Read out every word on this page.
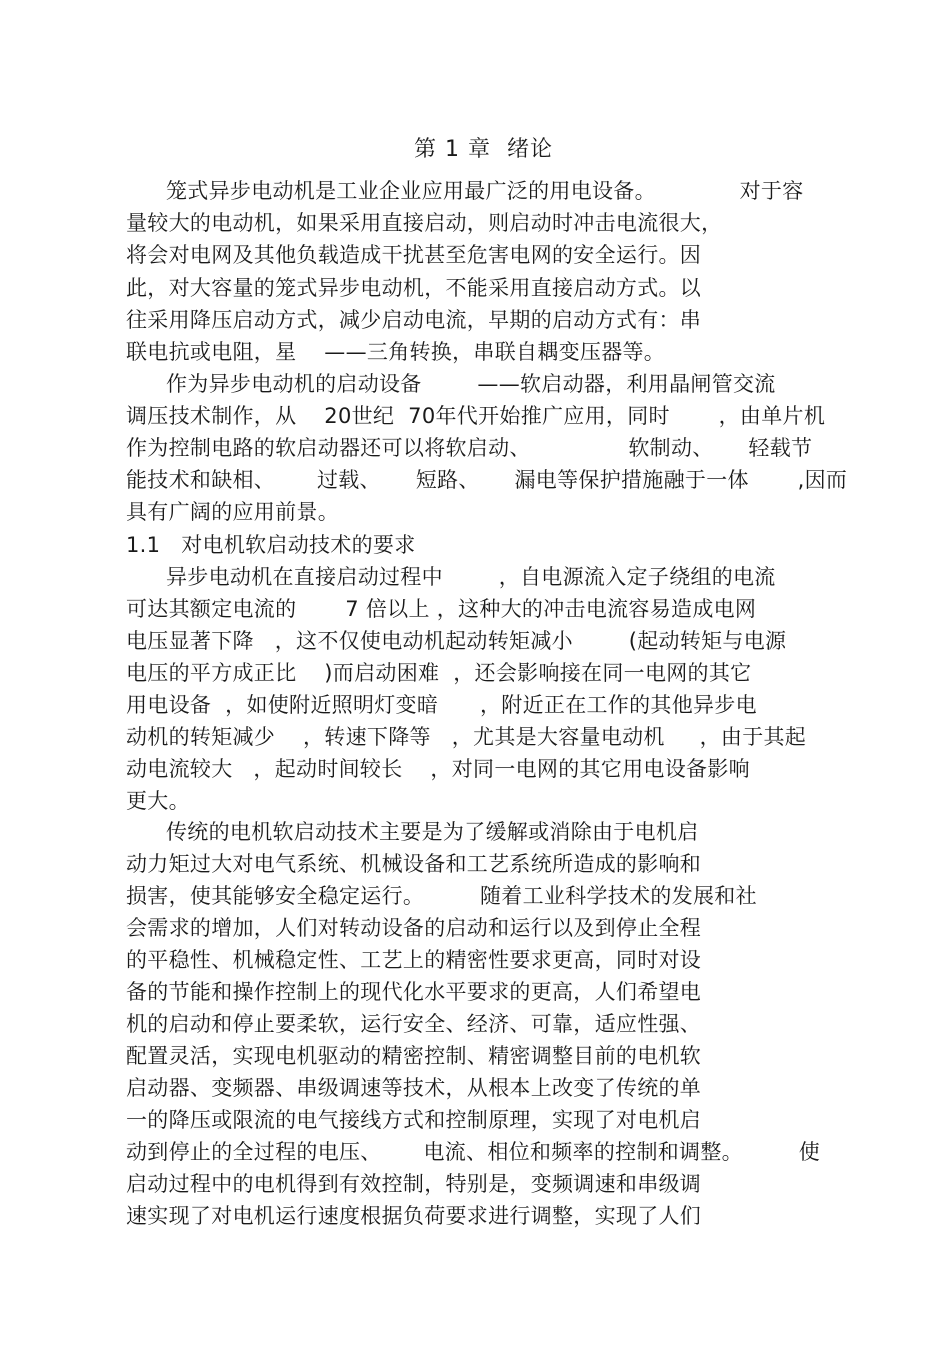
第 1 章  绪论
笼式异步电动机是工业企业应用最广泛的用电设备。            对于容
量较大的电动机，如果采用直接启动，则启动时冲击电流很大，
将会对电网及其他负载造成干扰甚至危害电网的安全运行。因
此，对大容量的笼式异步电动机，不能采用直接启动方式。以
往采用降压启动方式，减少启动电流，早期的启动方式有：串
联电抗或电阻，星    ——三角转换，串联自耦变压器等。
作为异步电动机的启动设备        ——软启动器，利用晶闸管交流
调压技术制作，从    20世纪  70年代开始推广应用，同时       ，由单片机
作为控制电路的软启动器还可以将软启动、              软制动、     轻载节
能技术和缺相、      过载、     短路、     漏电等保护措施融于一体       ,因而
具有广阔的应用前景。
1.1   对电机软启动技术的要求
异步电动机在直接启动过程中        ，自电源流入定子绕组的电流
可达其额定电流的       7 倍以上 ，这种大的冲击电流容易造成电网
电压显著下降   ，这不仅使电动机起动转矩减小        (起动转矩与电源
电压的平方成正比    )而启动困难  ，还会影响接在同一电网的其它
用电设备  ，如使附近照明灯变暗      ，附近正在工作的其他异步电
动机的转矩减少    ，转速下降等   ，尤其是大容量电动机     ，由于其起
动电流较大   ，起动时间较长    ，对同一电网的其它用电设备影响
更大。
传统的电机软启动技术主要是为了缓解或消除由于电机启
动力矩过大对电气系统、机械设备和工艺系统所造成的影响和
损害，使其能够安全稳定运行。        随着工业科学技术的发展和社
会需求的增加，人们对转动设备的启动和运行以及到停止全程
的平稳性、机械稳定性、工艺上的精密性要求更高，同时对设
备的节能和操作控制上的现代化水平要求的更高，人们希望电
机的启动和停止要柔软，运行安全、经济、可靠，适应性强、
配置灵活，实现电机驱动的精密控制、精密调整目前的电机软
启动器、变频器、串级调速等技术，从根本上改变了传统的单
一的降压或限流的电气接线方式和控制原理，实现了对电机启
动到停止的全过程的电压、      电流、相位和频率的控制和调整。        使
启动过程中的电机得到有效控制，特别是，变频调速和串级调
速实现了对电机运行速度根据负荷要求进行调整，实现了人们
